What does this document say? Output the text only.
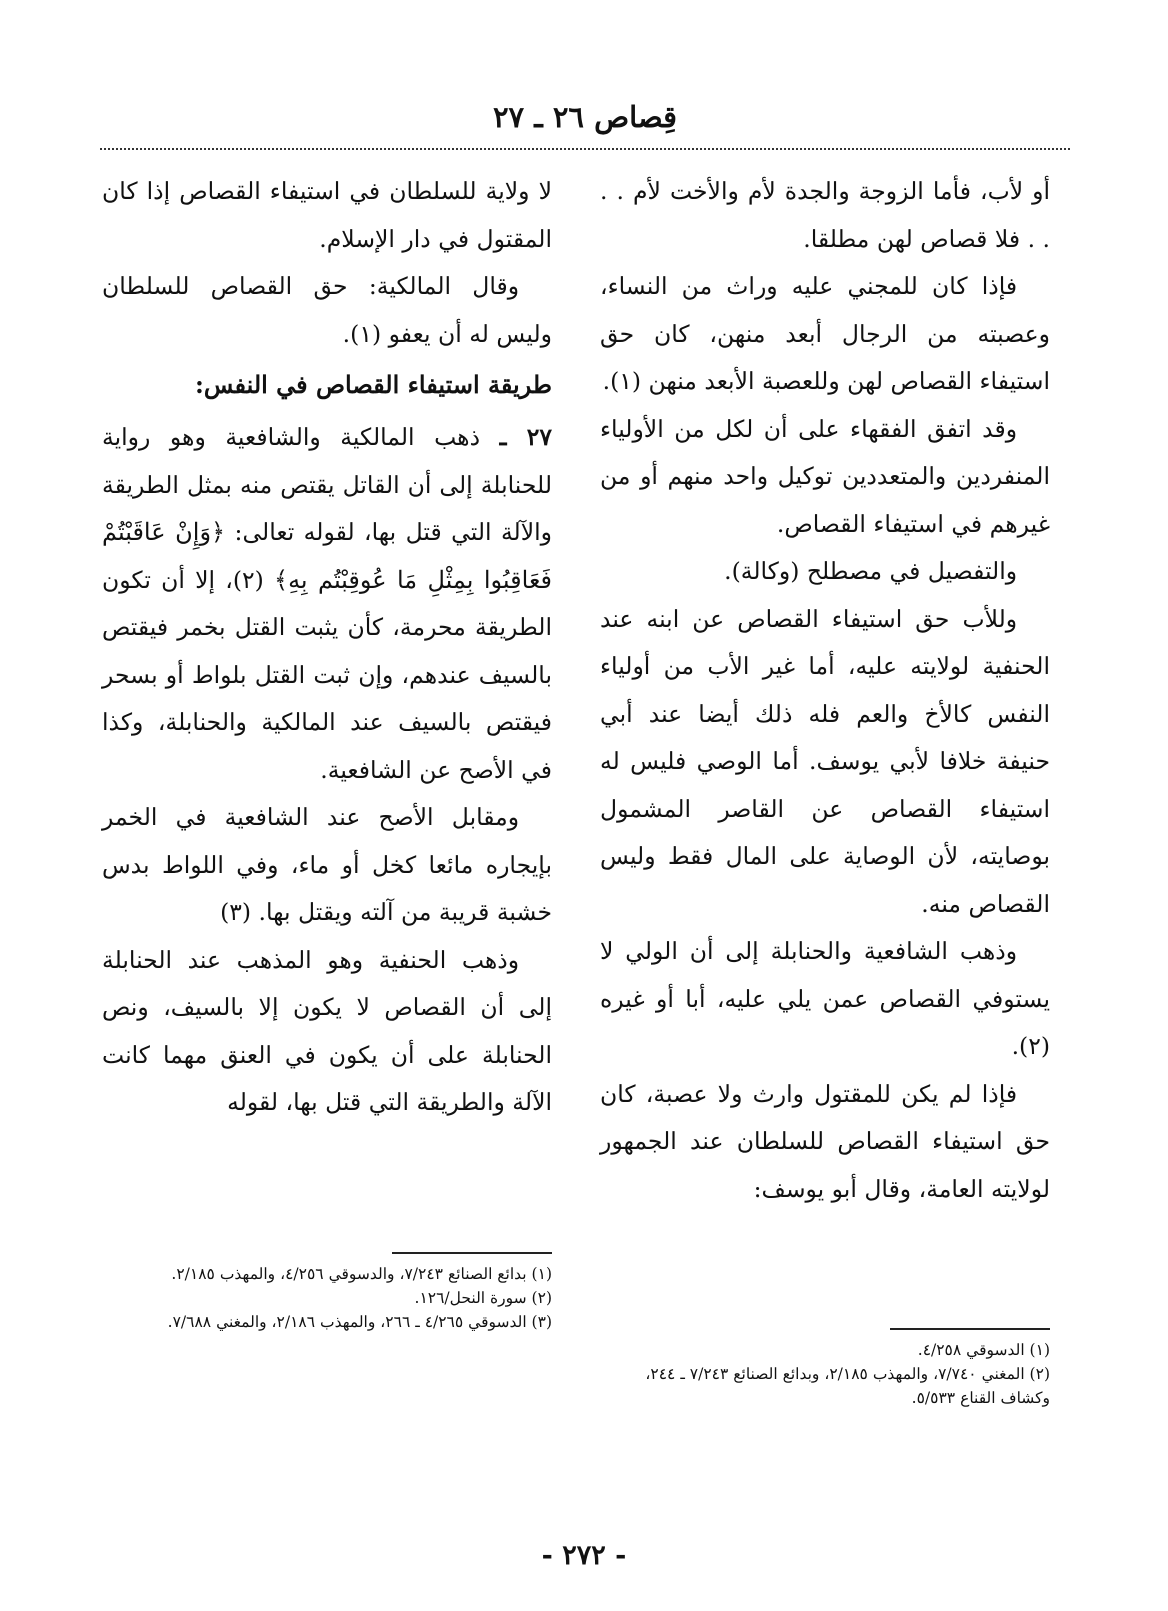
قِصاص ٢٦ ـ ٢٧

أو لأب، فأما الزوجة والجدة لأم والأخت لأم . . . . فلا قصاص لهن مطلقا.

فإذا كان للمجني عليه وراث من النساء، وعصبته من الرجال أبعد منهن، كان حق استيفاء القصاص لهن وللعصبة الأبعد منهن (١).

وقد اتفق الفقهاء على أن لكل من الأولياء المنفردين والمتعددين توكيل واحد منهم أو من غيرهم في استيفاء القصاص.

والتفصيل في مصطلح (وكالة).

وللأب حق استيفاء القصاص عن ابنه عند الحنفية لولايته عليه، أما غير الأب من أولياء النفس كالأخ والعم فله ذلك أيضا عند أبي حنيفة خلافا لأبي يوسف. أما الوصي فليس له استيفاء القصاص عن القاصر المشمول بوصايته، لأن الوصاية على المال فقط وليس القصاص منه.

وذهب الشافعية والحنابلة إلى أن الولي لا يستوفي القصاص عمن يلي عليه، أبا أو غيره (٢).

فإذا لم يكن للمقتول وارث ولا عصبة، كان حق استيفاء القصاص للسلطان عند الجمهور لولايته العامة، وقال أبو يوسف:

(١) الدسوقي ٤/٢٥٨.

(٢) المغني ٧/٧٤٠، والمهذب ٢/١٨٥، وبدائع الصنائع ٧/٢٤٣ ـ ٢٤٤، وكشاف القناع ٥/٥٣٣.

لا ولاية للسلطان في استيفاء القصاص إذا كان المقتول في دار الإسلام.

وقال المالكية: حق القصاص للسلطان وليس له أن يعفو (١).

طريقة استيفاء القصاص في النفس:

٢٧ ـ ذهب المالكية والشافعية وهو رواية للحنابلة إلى أن القاتل يقتص منه بمثل الطريقة والآلة التي قتل بها، لقوله تعالى: ﴿وَإِنْ عَاقَبْتُمْ فَعَاقِبُوا بِمِثْلِ مَا عُوقِبْتُم بِهِ﴾ (٢)، إلا أن تكون الطريقة محرمة، كأن يثبت القتل بخمر فيقتص بالسيف عندهم، وإن ثبت القتل بلواط أو بسحر فيقتص بالسيف عند المالكية والحنابلة، وكذا في الأصح عن الشافعية.

ومقابل الأصح عند الشافعية في الخمر بإيجاره مائعا كخل أو ماء، وفي اللواط بدس خشبة قريبة من آلته ويقتل بها. (٣)

وذهب الحنفية وهو المذهب عند الحنابلة إلى أن القصاص لا يكون إلا بالسيف، ونص الحنابلة على أن يكون في العنق مهما كانت الآلة والطريقة التي قتل بها، لقوله

(١) بدائع الصنائع ٧/٢٤٣، والدسوقي ٤/٢٥٦، والمهذب ٢/١٨٥.

(٢) سورة النحل/١٢٦.

(٣) الدسوقي ٤/٢٦٥ ـ ٢٦٦، والمهذب ٢/١٨٦، والمغني ٧/٦٨٨.

- ٢٧٢ -
